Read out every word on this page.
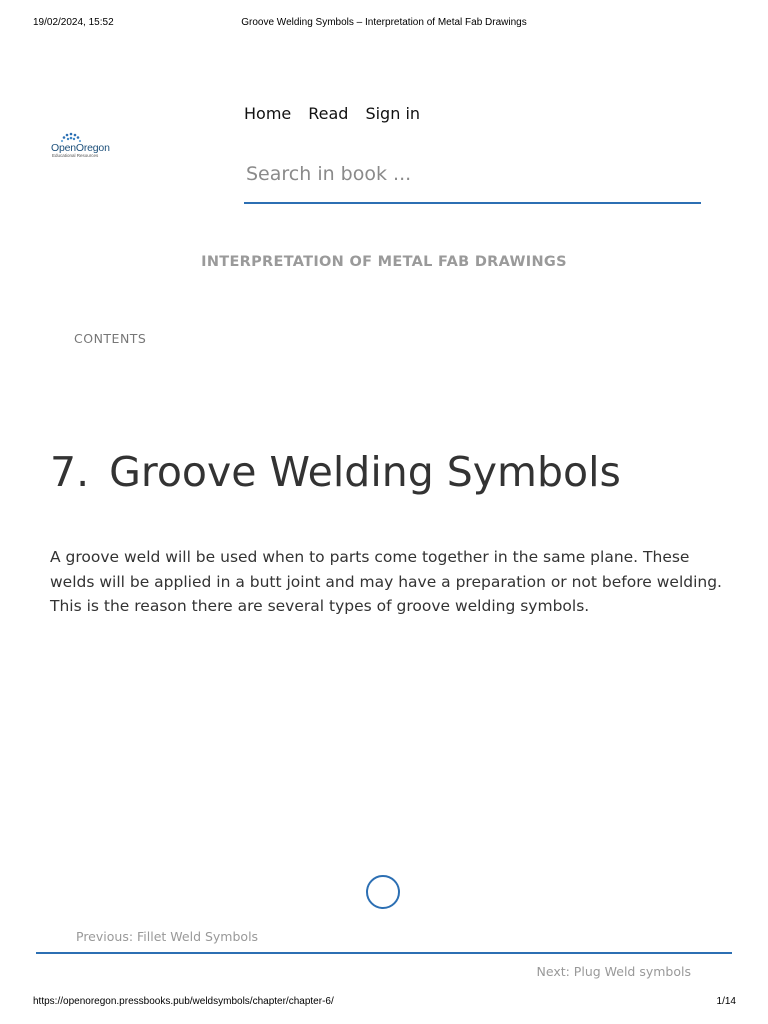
19/02/2024, 15:52	Groove Welding Symbols – Interpretation of Metal Fab Drawings
OpenOregon
Educational Resources
Home Read Sign in
Search in book ...
INTERPRETATION OF METAL FAB DRAWINGS
CONTENTS
7. Groove Welding Symbols

A groove weld will be used when to parts come together in the same plane. These welds will be applied in a butt joint and may have a preparation or not before welding. This is the reason there are several types of groove welding symbols.

Previous: Fillet Weld Symbols
Next: Plug Weld symbols
https://openoregon.pressbooks.pub/weldsymbols/chapter/chapter-6/	1/14
